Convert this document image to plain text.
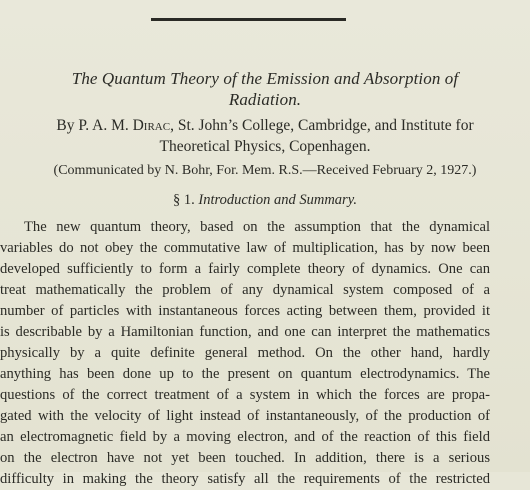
The Quantum Theory of the Emission and Absorption of

Radiation.

By P. A. M. Dirac, St. John’s College, Cambridge, and Institute for

Theoretical Physics, Copenhagen.

(Communicated by N. Bohr, For. Mem. R.S.—Received February 2, 1927.)

§ 1. Introduction and Summary.

The new quantum theory, based on the assumption that the dynamical

variables do not obey the commutative law of multiplication, has by now been

developed sufficiently to form a fairly complete theory of dynamics. One can

treat mathematically the problem of any dynamical system composed of a

number of particles with instantaneous forces acting between them, provided it

is describable by a Hamiltonian function, and one can interpret the mathematics

physically by a quite definite general method. On the other hand, hardly

anything has been done up to the present on quantum electrodynamics. The

questions of the correct treatment of a system in which the forces are propa-

gated with the velocity of light instead of instantaneously, of the production of

an electromagnetic field by a moving electron, and of the reaction of this field

on the electron have not yet been touched. In addition, there is a serious

difficulty in making the theory satisfy all the requirements of the restricted
